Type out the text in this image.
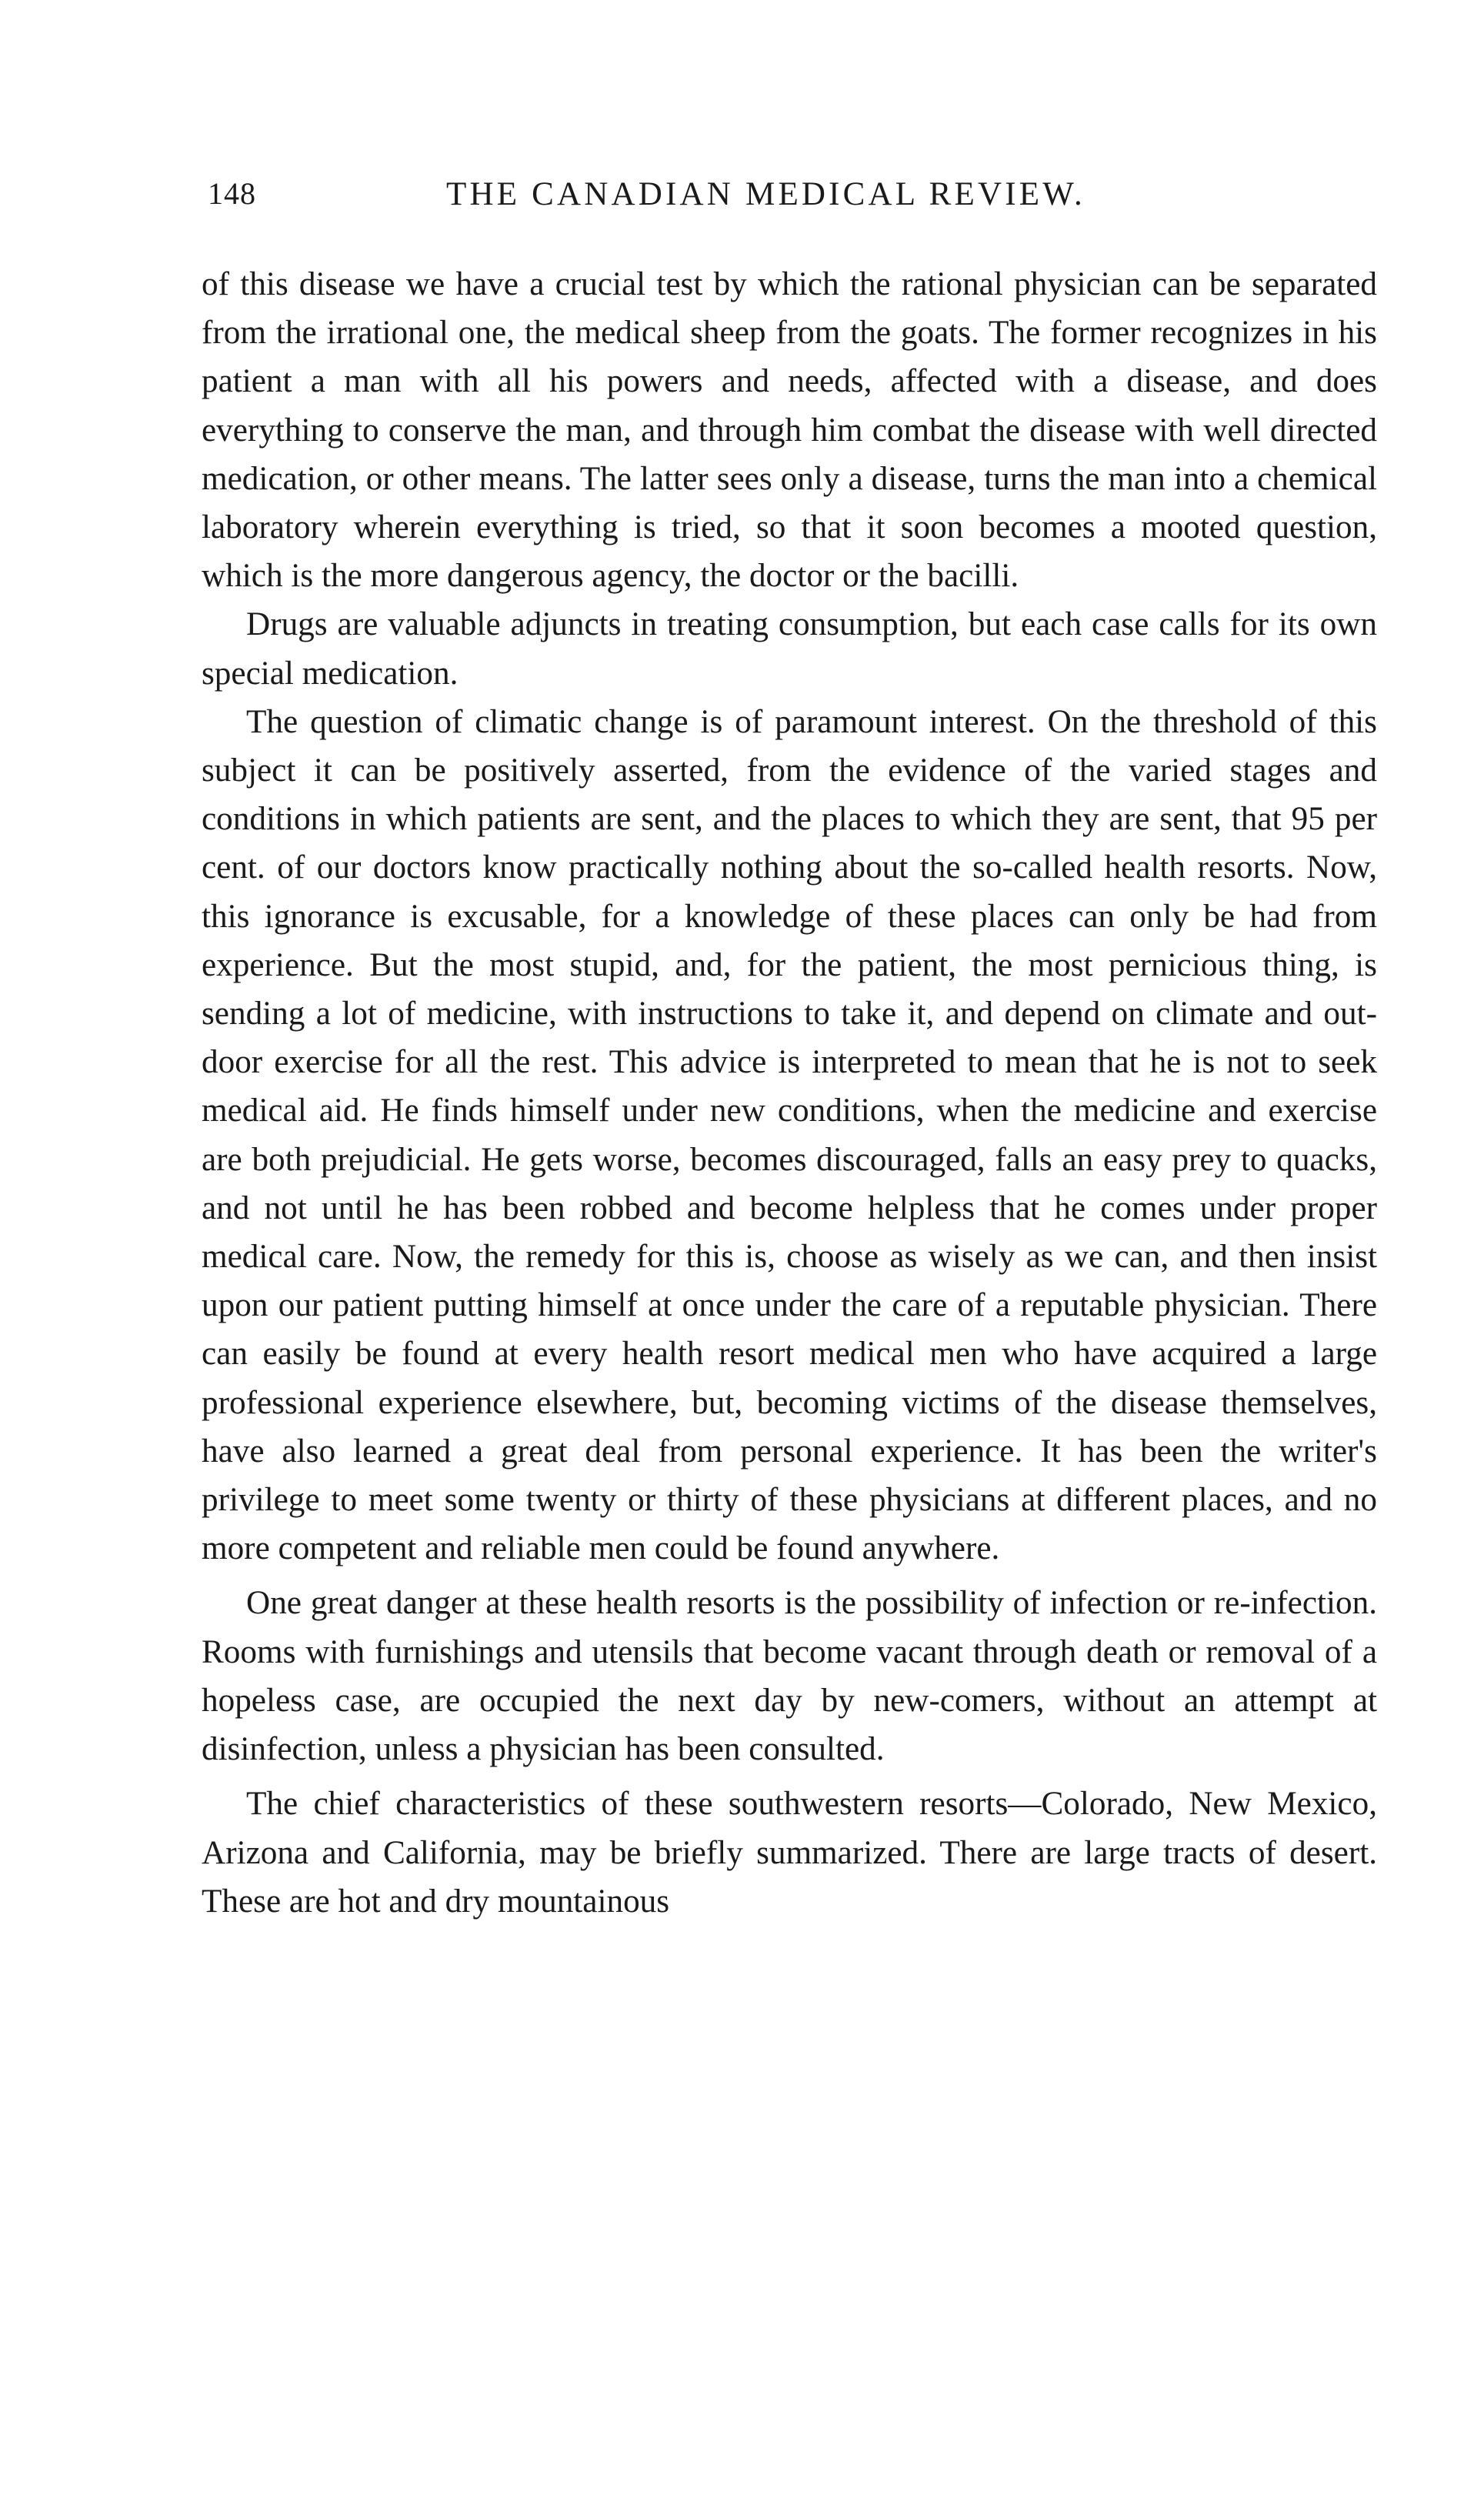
148	THE CANADIAN MEDICAL REVIEW.

of this disease we have a crucial test by which the rational physician can be separated from the irrational one, the medical sheep from the goats. The former recognizes in his patient a man with all his powers and needs, affected with a disease, and does everything to conserve the man, and through him combat the disease with well directed medication, or other means. The latter sees only a disease, turns the man into a chemical laboratory wherein everything is tried, so that it soon becomes a mooted question, which is the more dangerous agency, the doctor or the bacilli.

Drugs are valuable adjuncts in treating consumption, but each case calls for its own special medication.

The question of climatic change is of paramount interest. On the threshold of this subject it can be positively asserted, from the evidence of the varied stages and conditions in which patients are sent, and the places to which they are sent, that 95 per cent. of our doctors know practically nothing about the so-called health resorts. Now, this ignorance is excusable, for a knowledge of these places can only be had from experience. But the most stupid, and, for the patient, the most pernicious thing, is sending a lot of medicine, with instructions to take it, and depend on climate and out-door exercise for all the rest. This advice is interpreted to mean that he is not to seek medical aid. He finds himself under new conditions, when the medicine and exercise are both prejudicial. He gets worse, becomes discouraged, falls an easy prey to quacks, and not until he has been robbed and become helpless that he comes under proper medical care. Now, the remedy for this is, choose as wisely as we can, and then insist upon our patient putting himself at once under the care of a reputable physician. There can easily be found at every health resort medical men who have acquired a large professional experience elsewhere, but, becoming victims of the disease themselves, have also learned a great deal from personal experience. It has been the writer's privilege to meet some twenty or thirty of these physicians at different places, and no more competent and reliable men could be found anywhere.

One great danger at these health resorts is the possibility of infection or re-infection. Rooms with furnishings and utensils that become vacant through death or removal of a hopeless case, are occupied the next day by new-comers, without an attempt at disinfection, unless a physician has been consulted.

The chief characteristics of these southwestern resorts—Colorado, New Mexico, Arizona and California, may be briefly summarized. There are large tracts of desert. These are hot and dry mountainous
